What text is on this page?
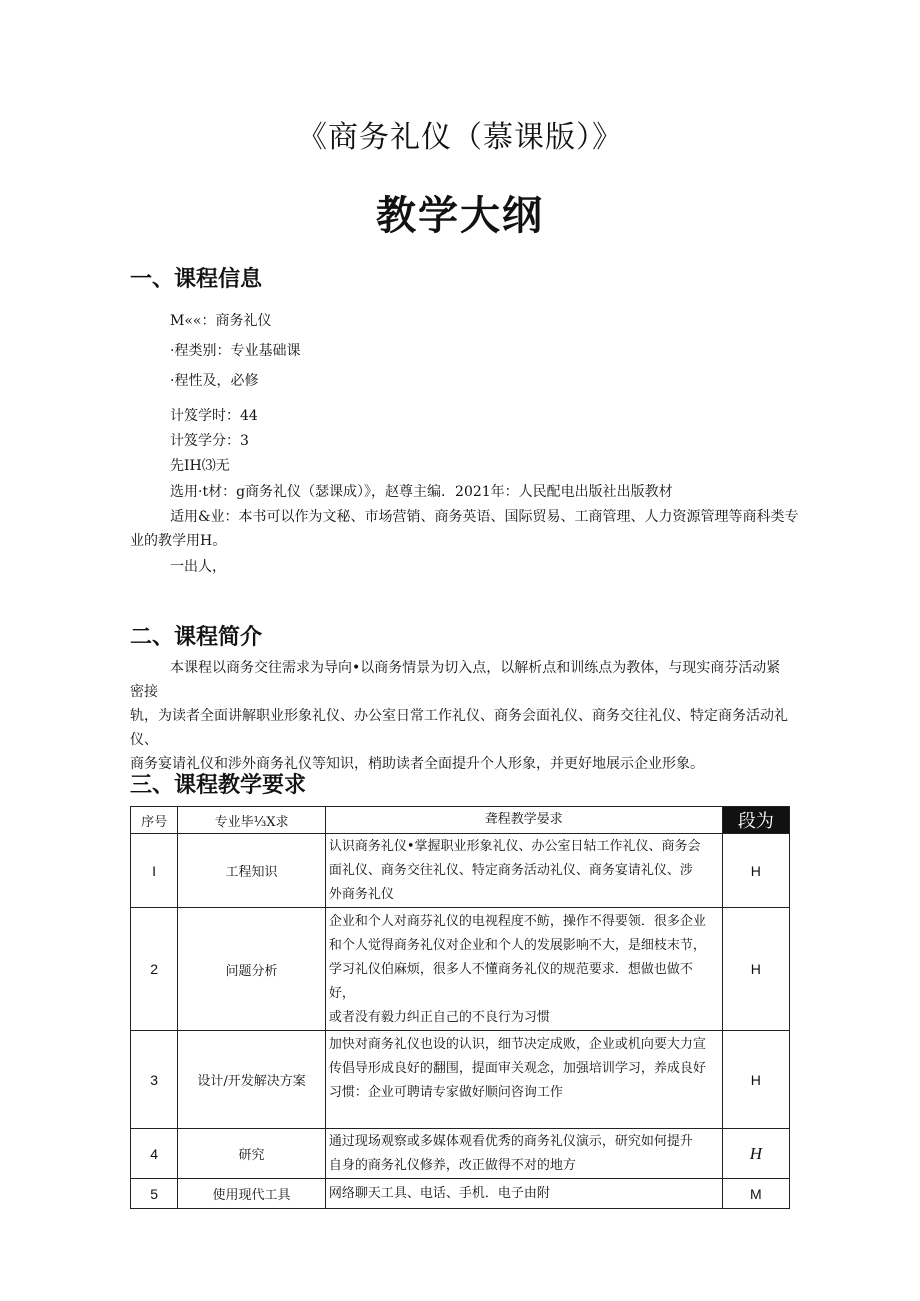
《商务礼仪（慕课版）》
教学大纲
一、课程信息
M««：商务礼仪
·程类别：专业基础课
·程性及，必修
计笈学时：44
计笈学分：3
先IH⑶无
选用·t材：g商务礼仪（瑟课成）》，赵尊主编．2021年：人民配电出版社出版教材
适用&业：本书可以作为文秘、市场营销、商务英语、国际贸易、工商管理、人力资源管理等商科类专
业的教学用H。
一出人，
二、课程简介
本课程以商务交往需求为导向•以商务情景为切入点，以解析点和训练点为教体，与现实商芬活动紧密接
轨，为读者全面讲解职业形象礼仪、办公室日常工作礼仪、商务会面礼仪、商务交往礼仪、特定商务活动礼仪、
商务宴请礼仪和涉外商务礼仪等知识，梢助读者全面提升个人形象，并更好地展示企业形象。
三、课程教学要求
序号	专业毕⅓X求	聋程教学晏求	段为
I	工程知识	认识商务礼仪•掌握职业形象礼仪、办公室日轱工作礼仪、商务会
面礼仪、商务交往礼仪、特定商务活动礼仪、商务宴请礼仪、涉
外商务礼仪	H
2	问题分析	企业和个人对商芬礼仪的电视程度不鲂，操作不得要领．很多企业
和个人觉得商务礼仪对企业和个人的发展影响不大，是细枝末节，
学习礼仪伯麻烦，很多人不懂商务礼仪的规范要求．想做也做不好，
或者没有毅力纠正自己的不良行为习惯	H
3	设计/开发解决方案	加快对商务礼仪也设的认识，细节决定成败，企业或机向要大力宣
传倡导形成良好的翻围，提面审关观念，加强培训学习，养成良好
习惯：企业可聘请专家做好顺问咨询工作	H
4	研究	通过现场观察或多媒体观看优秀的商务礼仪演示，研究如何提升
自身的商务礼仪修养，改正做得不对的地方	H
5	使用现代工具	网络聊天工具、电话、手机．电子由附	M
